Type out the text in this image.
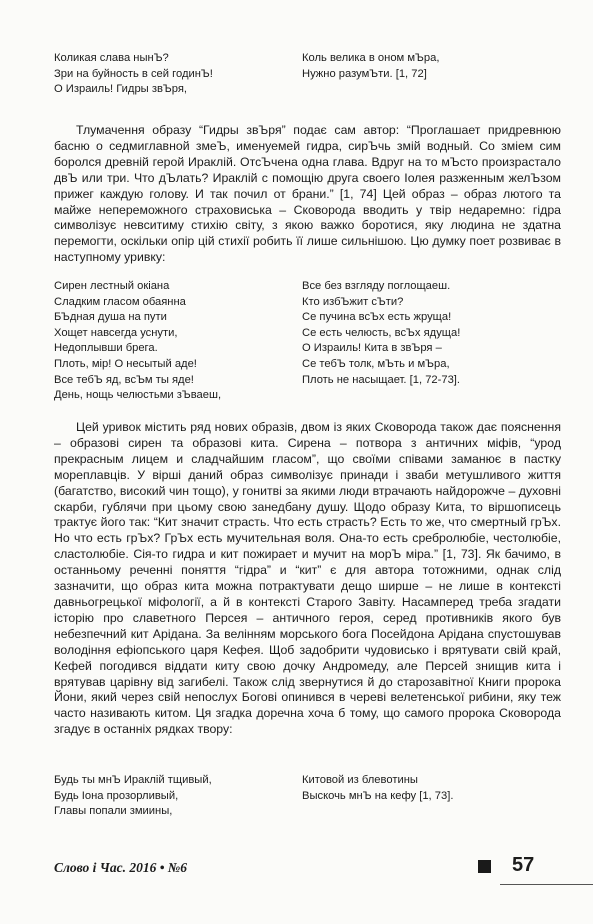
Коликая слава нынЪ?
Зри на буйность в сей годинЪ!
О Израиль! Гидры звЪря,
Коль велика в оном мЪра,
Нужно разумЪти. [1, 72]

Тлумачення образу “Гидры звЪря” подає сам автор: “Проглашает придревнюю басню о седмиглавной змеЪ, именуемей гидра, сирЪчь змій водный. Со зміем сим боролся древній герой Ираклій. ОтсЪчена одна глава. Вдруг на то мЪсто произрастало двЪ или три. Что дЪлать? Ираклій с помощію друга своего Іолея разженным желЪзом прижег каждую голову. И так почил от брани.” [1, 74] Цей образ – образ лютого та майже непереможного страховиська – Сковорода вводить у твір недаремно: гідра символізує невситиму стихію світу, з якою важко боротися, яку людина не здатна перемогти, оскільки опір цій стихії робить її лише сильнішою. Цю думку поет розвиває в наступному уривку:

Сирен лестный окіана
Сладким гласом обаянна
БЪдная душа на пути
Хощет навсегда уснути,
Недоплывши брега.
Плоть, мір! О несытый аде!
Все тебЪ яд, всЪм ты яде!
День, нощь челюстьми зЪваеш,
Все без взгляду поглощаеш.
Кто избЪжит сЪти?
Се пучина всЪх есть жруща!
Се есть челюсть, всЪх ядуща!
О Израиль! Кита в звЪря –
Се тебЪ толк, мЪть и мЪра,
Плоть не насыщает. [1, 72-73].

Цей уривок містить ряд нових образів, двом із яких Сковорода також дає пояснення – образові сирен та образові кита. Сирена – потвора з античних міфів, “урод прекрасным лицем и сладчайшим гласом”, що своїми співами заманює в пастку мореплавців. У вірші даний образ символізує принади і зваби метушливого життя (багатство, високий чин тощо), у гонитві за якими люди втрачають найдорожче – духовні скарби, гублячи при цьому свою занедбану душу. Щодо образу Кита, то віршописець трактує його так: “Кит значит страсть. Что есть страсть? Есть то же, что смертный грЪх. Но что есть грЪх? ГрЪх есть мучительная воля. Она-то есть сребролюбіе, честолюбіе, сластолюбіе. Сія-то гидра и кит пожирает и мучит на морЪ міра.” [1, 73]. Як бачимо, в останньому реченні поняття “гідра” и “кит” є для автора тотожними, однак слід зазначити, що образ кита можна потрактувати дещо ширше – не лише в контексті давньогрецької міфології, а й в контексті Старого Завіту. Насамперед треба згадати історію про славетного Персея – античного героя, серед противників якого був небезпечний кит Арідана. За велінням морського бога Посейдона Арідана спустошував володіння ефіопського царя Кефея. Щоб задобрити чудовисько і врятувати свій край, Кефей погодився віддати киту свою дочку Андромеду, але Персей знищив кита і врятував царівну від загибелі. Також слід звернутися й до старозавітної Книги пророка Йони, який через свій непослух Богові опинився в череві велетенської рибини, яку теж часто називають китом. Ця згадка доречна хоча б тому, що самого пророка Сковорода згадує в останніх рядках твору:

Будь ты мнЪ Ираклій тщивый,
Будь Іона прозорливый,
Главы попали змиины,
Китовой из блевотины
Выскочь мнЪ на кефу [1, 73].
Слово і Час. 2016 • №6	57
